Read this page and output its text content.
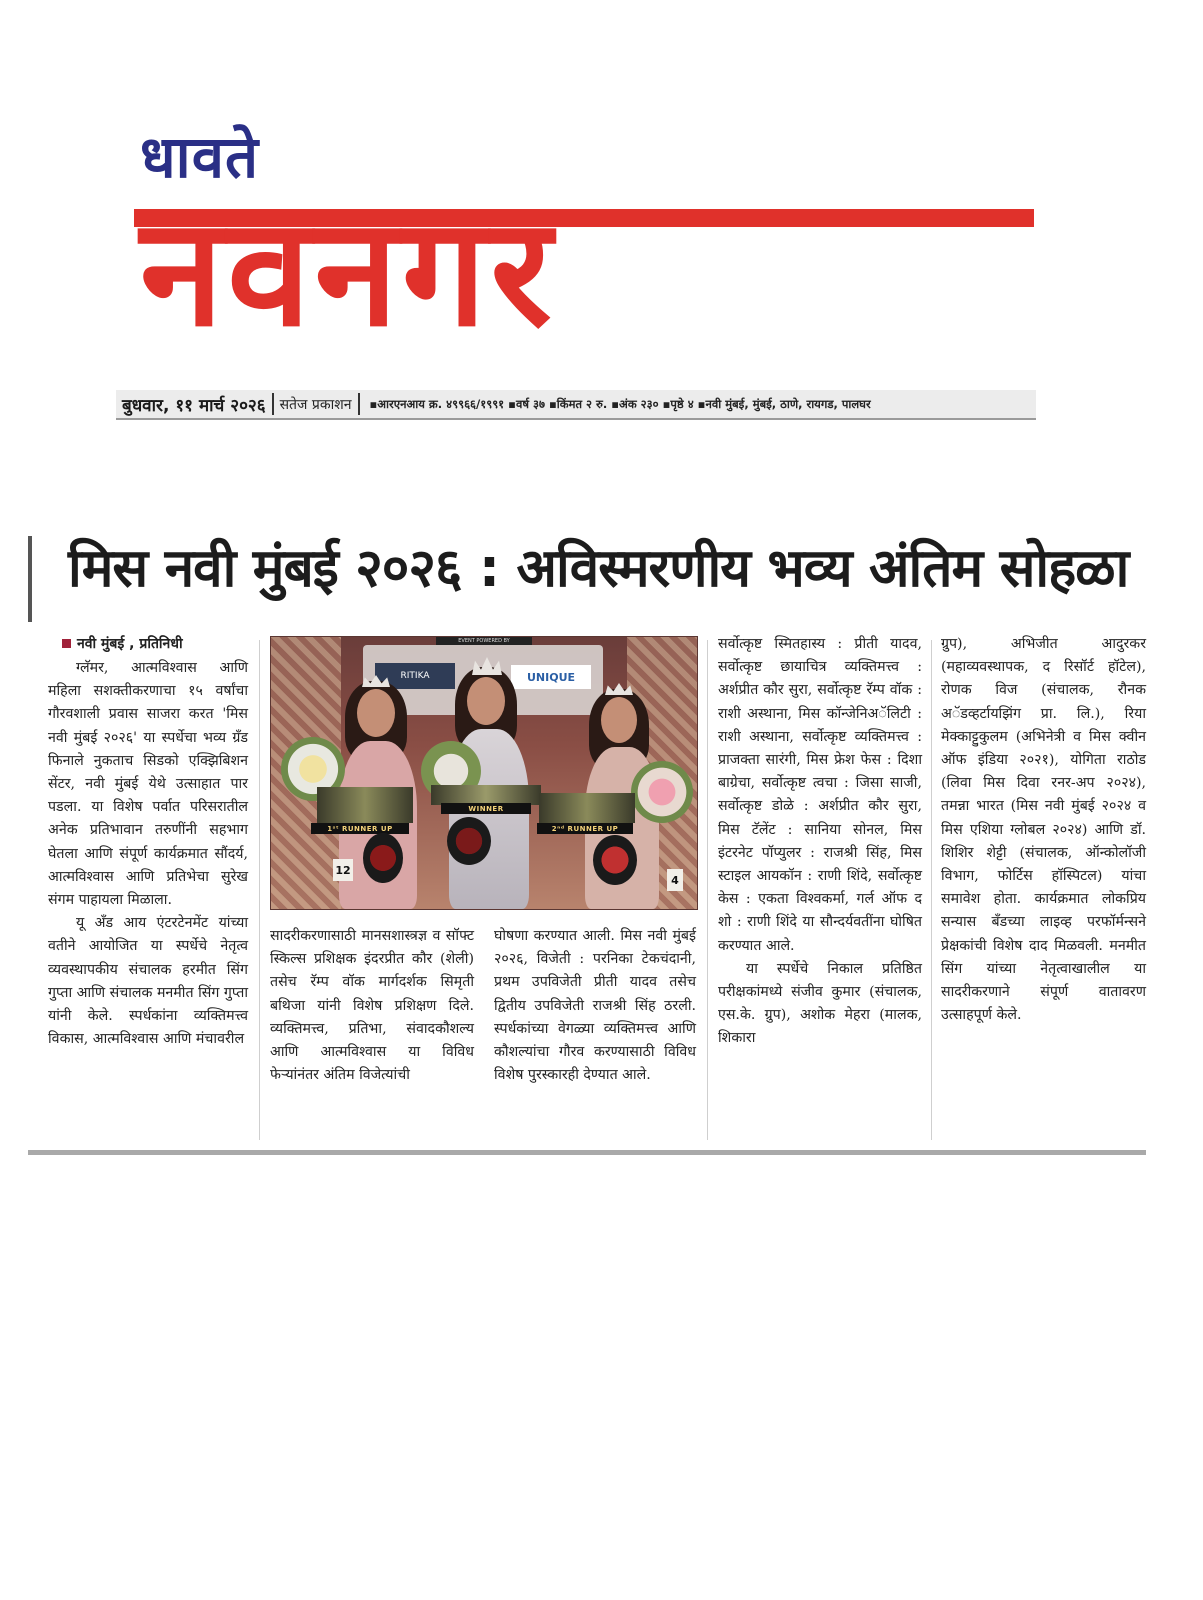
धावते
नवनगर
बुधवार, ११ मार्च २०२६ सतेज प्रकाशन ▪आरएनआय क्र. ४९९६६/१९९१ ▪वर्ष ३७ ▪किंमत २ रु. ▪अंक २३० ▪पृष्ठे ४ ▪नवी मुंबई, मुंबई, ठाणे, रायगड, पालघर
मिस नवी मुंबई २०२६ : अविस्मरणीय भव्य अंतिम सोहळा
नवी मुंबई , प्रतिनिधी

ग्लॅमर, आत्मविश्वास आणि महिला सशक्तीकरणाचा १५ वर्षांचा गौरवशाली प्रवास साजरा करत 'मिस नवी मुंबई २०२६' या स्पर्धेचा भव्य ग्रँड फिनाले नुकताच सिडको एक्झिबिशन सेंटर, नवी मुंबई येथे उत्साहात पार पडला. या विशेष पर्वात परिसरातील अनेक प्रतिभावान तरुणींनी सहभाग घेतला आणि संपूर्ण कार्यक्रमात सौंदर्य, आत्मविश्वास आणि प्रतिभेचा सुरेख संगम पाहायला मिळाला.

यू अँड आय एंटरटेनमेंट यांच्या वतीने आयोजित या स्पर्धेचे नेतृत्व व्यवस्थापकीय संचालक हरमीत सिंग गुप्ता आणि संचालक मनमीत सिंग गुप्ता यांनी केले. स्पर्धकांना व्यक्तिमत्त्व विकास, आत्मविश्वास आणि मंचावरील

EVENT POWERED BY
RITIKA	UNIQUE
1ˢᵗ RUNNER UP
12
WINNER
2ⁿᵈ RUNNER UP
4

सादरीकरणासाठी मानसशास्त्रज्ञ व सॉफ्ट स्किल्स प्रशिक्षक इंदरप्रीत कौर (शेली) तसेच रॅम्प वॉक मार्गदर्शक सिमृती बथिजा यांनी विशेष प्रशिक्षण दिले. व्यक्तिमत्त्व, प्रतिभा, संवादकौशल्य आणि आत्मविश्वास या विविध फेऱ्यांनंतर अंतिम विजेत्यांची

घोषणा करण्यात आली. मिस नवी मुंबई २०२६, विजेती : परनिका टेकचंदानी, प्रथम उपविजेती प्रीती यादव तसेच द्वितीय उपविजेती राजश्री सिंह ठरली. स्पर्धकांच्या वेगळ्या व्यक्तिमत्त्व आणि कौशल्यांचा गौरव करण्यासाठी विविध विशेष पुरस्कारही देण्यात आले.

सर्वोत्कृष्ट स्मितहास्य : प्रीती यादव, सर्वोत्कृष्ट छायाचित्र व्यक्तिमत्त्व : अर्शप्रीत कौर सुरा, सर्वोत्कृष्ट रॅम्प वॉक : राशी अस्थाना, मिस कॉन्जेनिअॅलिटी : राशी अस्थाना, सर्वोत्कृष्ट व्यक्तिमत्त्व : प्राजक्ता सारंगी, मिस फ्रेश फेस : दिशा बाग्रेचा, सर्वोत्कृष्ट त्वचा : जिसा साजी, सर्वोत्कृष्ट डोळे : अर्शप्रीत कौर सुरा, मिस टॅलेंट : सानिया सोनल, मिस इंटरनेट पॉप्युलर : राजश्री सिंह, मिस स्टाइल आयकॉन : राणी शिंदे, सर्वोत्कृष्ट केस : एकता विश्वकर्मा, गर्ल ऑफ द शो : राणी शिंदे या सौन्दर्यवतींना घोषित करण्यात आले.

या स्पर्धेचे निकाल प्रतिष्ठित परीक्षकांमध्ये संजीव कुमार (संचालक, एस.के. ग्रुप), अशोक मेहरा (मालक, शिकारा

ग्रुप), अभिजीत आदुरकर (महाव्यवस्थापक, द रिसॉर्ट हॉटेल), रोणक विज (संचालक, रौनक अॅडव्हर्टायझिंग प्रा. लि.), रिया मेक्काट्टुकुलम (अभिनेत्री व मिस क्वीन ऑफ इंडिया २०२१), योगिता राठोड (लिवा मिस दिवा रनर-अप २०२४), तमन्ना भारत (मिस नवी मुंबई २०२४ व मिस एशिया ग्लोबल २०२४) आणि डॉ. शिशिर शेट्टी (संचालक, ऑन्कोलॉजी विभाग, फोर्टिस हॉस्पिटल) यांचा समावेश होता. कार्यक्रमात लोकप्रिय सन्यास बँडच्या लाइव्ह परफॉर्मन्सने प्रेक्षकांची विशेष दाद मिळवली. मनमीत सिंग यांच्या नेतृत्वाखालील या सादरीकरणाने संपूर्ण वातावरण उत्साहपूर्ण केले.
